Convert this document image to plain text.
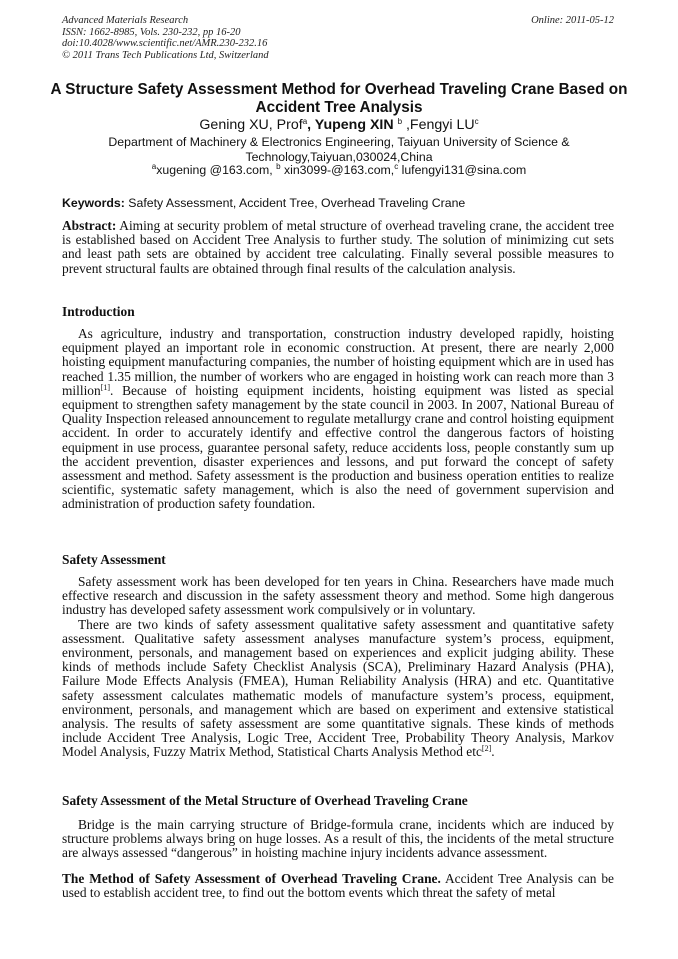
Advanced Materials Research	Online: 2011-05-12
ISSN: 1662-8985, Vols. 230-232, pp 16-20
doi:10.4028/www.scientific.net/AMR.230-232.16
© 2011 Trans Tech Publications Ltd, Switzerland
A Structure Safety Assessment Method for Overhead Traveling Crane Based on Accident Tree Analysis
Gening XU, Prof$^a$, Yupeng XIN $^b$ ,Fengyi $LU^c$
Department of Machinery & Electronics Engineering, Taiyuan University of Science & Technology,Taiyuan,030024,China
$^a$xugening @163.com, $^b$ xin3099-@163.com,$^c$ lufengyi131@sina.com
Keywords: Safety Assessment, Accident Tree, Overhead Traveling Crane

Abstract: Aiming at security problem of metal structure of overhead traveling crane, the accident tree is established based on Accident Tree Analysis to further study. The solution of minimizing cut sets and least path sets are obtained by accident tree calculating. Finally several possible measures to prevent structural faults are obtained through final results of the calculation analysis.

Introduction

As agriculture, industry and transportation, construction industry developed rapidly, hoisting equipment played an important role in economic construction. At present, there are nearly 2,000 hoisting equipment manufacturing companies, the number of hoisting equipment which are in used has reached 1.35 million, the number of workers who are engaged in hoisting work can reach more than 3 million[1]. Because of hoisting equipment incidents, hoisting equipment was listed as special equipment to strengthen safety management by the state council in 2003. In 2007, National Bureau of Quality Inspection released announcement to regulate metallurgy crane and control hoisting equipment accident. In order to accurately identify and effective control the dangerous factors of hoisting equipment in use process, guarantee personal safety, reduce accidents loss, people constantly sum up the accident prevention, disaster experiences and lessons, and put forward the concept of safety assessment and method. Safety assessment is the production and business operation entities to realize scientific, systematic safety management, which is also the need of government supervision and administration of production safety foundation.

Safety Assessment

Safety assessment work has been developed for ten years in China. Researchers have made much effective research and discussion in the safety assessment theory and method. Some high dangerous industry has developed safety assessment work compulsively or in voluntary.

There are two kinds of safety assessment qualitative safety assessment and quantitative safety assessment. Qualitative safety assessment analyses manufacture system’s process, equipment, environment, personals, and management based on experiences and explicit judging ability. These kinds of methods include Safety Checklist Analysis (SCA), Preliminary Hazard Analysis (PHA), Failure Mode Effects Analysis (FMEA), Human Reliability Analysis (HRA) and etc. Quantitative safety assessment calculates mathematic models of manufacture system’s process, equipment, environment, personals, and management which are based on experiment and extensive statistical analysis. The results of safety assessment are some quantitative signals. These kinds of methods include Accident Tree Analysis, Logic Tree, Accident Tree, Probability Theory Analysis, Markov Model Analysis, Fuzzy Matrix Method, Statistical Charts Analysis Method etc[2].

Safety Assessment of the Metal Structure of Overhead Traveling Crane

Bridge is the main carrying structure of Bridge-formula crane, incidents which are induced by structure problems always bring on huge losses. As a result of this, the incidents of the metal structure are always assessed “dangerous” in hoisting machine injury incidents advance assessment.

The Method of Safety Assessment of Overhead Traveling Crane. Accident Tree Analysis can be used to establish accident tree, to find out the bottom events which threat the safety of metal
